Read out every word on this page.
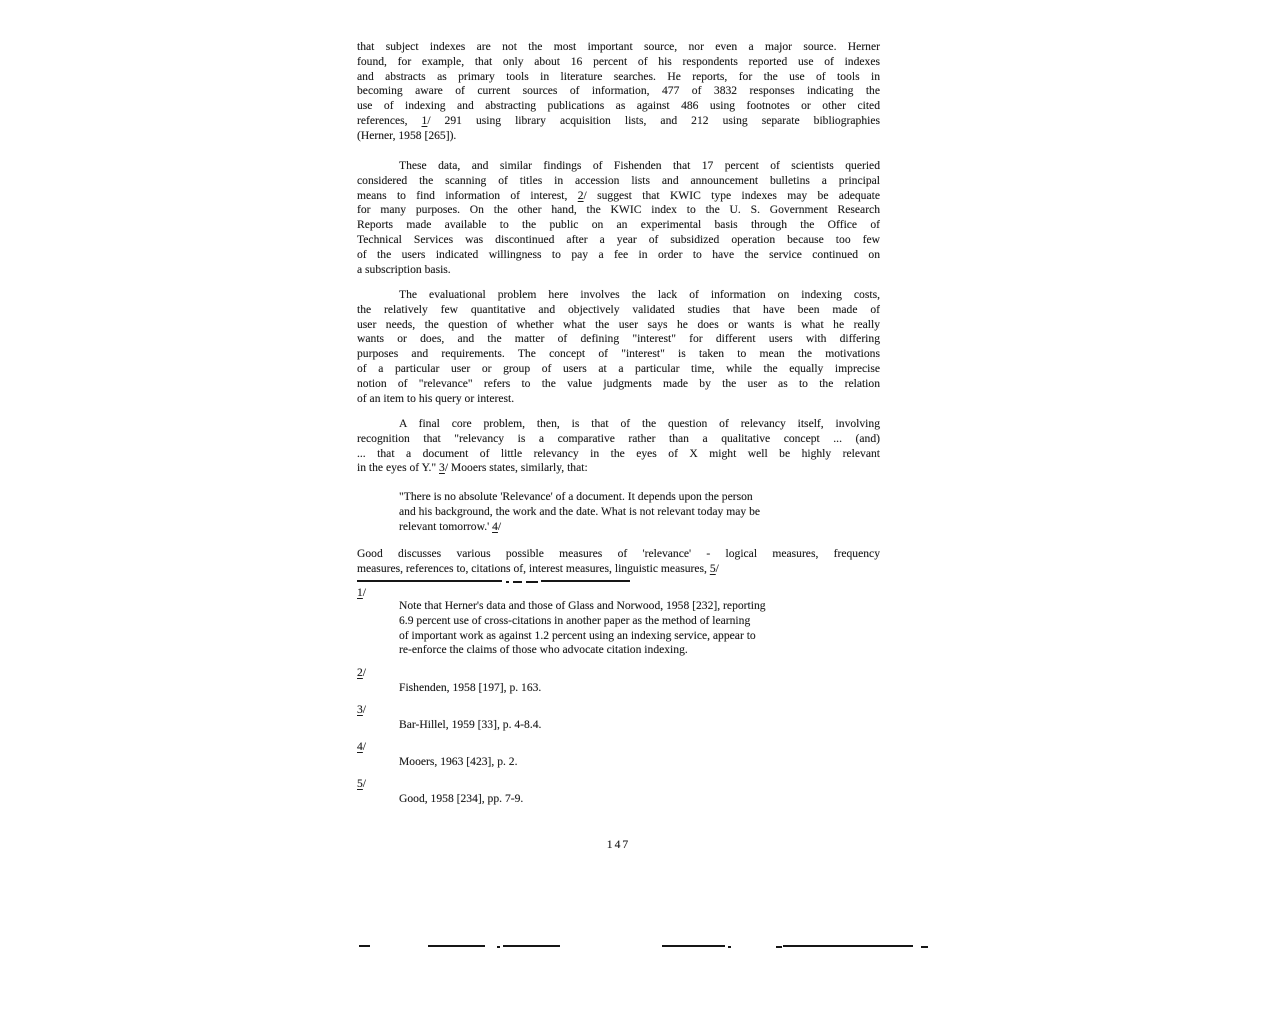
that subject indexes are not the most important source, nor even a major source. Herner
found, for example, that only about 16 percent of his respondents reported use of indexes
and abstracts as primary tools in literature searches. He reports, for the use of tools in
becoming aware of current sources of information, 477 of 3832 responses indicating the
use of indexing and abstracting publications as against 486 using footnotes or other cited
references, 1/ 291 using library acquisition lists, and 212 using separate bibliographies
(Herner, 1958 [265]).
These data, and similar findings of Fishenden that 17 percent of scientists queried
considered the scanning of titles in accession lists and announcement bulletins a principal
means to find information of interest, 2/ suggest that KWIC type indexes may be adequate
for many purposes. On the other hand, the KWIC index to the U. S. Government Research
Reports made available to the public on an experimental basis through the Office of
Technical Services was discontinued after a year of subsidized operation because too few
of the users indicated willingness to pay a fee in order to have the service continued on
a subscription basis.
The evaluational problem here involves the lack of information on indexing costs,
the relatively few quantitative and objectively validated studies that have been made of
user needs, the question of whether what the user says he does or wants is what he really
wants or does, and the matter of defining "interest" for different users with differing
purposes and requirements. The concept of "interest" is taken to mean the motivations
of a particular user or group of users at a particular time, while the equally imprecise
notion of "relevance" refers to the value judgments made by the user as to the relation
of an item to his query or interest.
A final core problem, then, is that of the question of relevancy itself, involving
recognition that "relevancy is a comparative rather than a qualitative concept ... (and)
... that a document of little relevancy in the eyes of X might well be highly relevant
in the eyes of Y." 3/ Mooers states, similarly, that:
"There is no absolute 'Relevance' of a document. It depends upon the person
and his background, the work and the date. What is not relevant today may be
relevant tomorrow.' 4/
Good discusses various possible measures of 'relevance' - logical measures, frequency
measures, references to, citations of, interest measures, linguistic measures, 5/
1/
Note that Herner's data and those of Glass and Norwood, 1958 [232], reporting
6.9 percent use of cross-citations in another paper as the method of learning
of important work as against 1.2 percent using an indexing service, appear to
re-enforce the claims of those who advocate citation indexing.
2/
Fishenden, 1958 [197], p. 163.
3/
Bar-Hillel, 1959 [33], p. 4-8.4.
4/
Mooers, 1963 [423], p. 2.
5/
Good, 1958 [234], pp. 7-9.
147
